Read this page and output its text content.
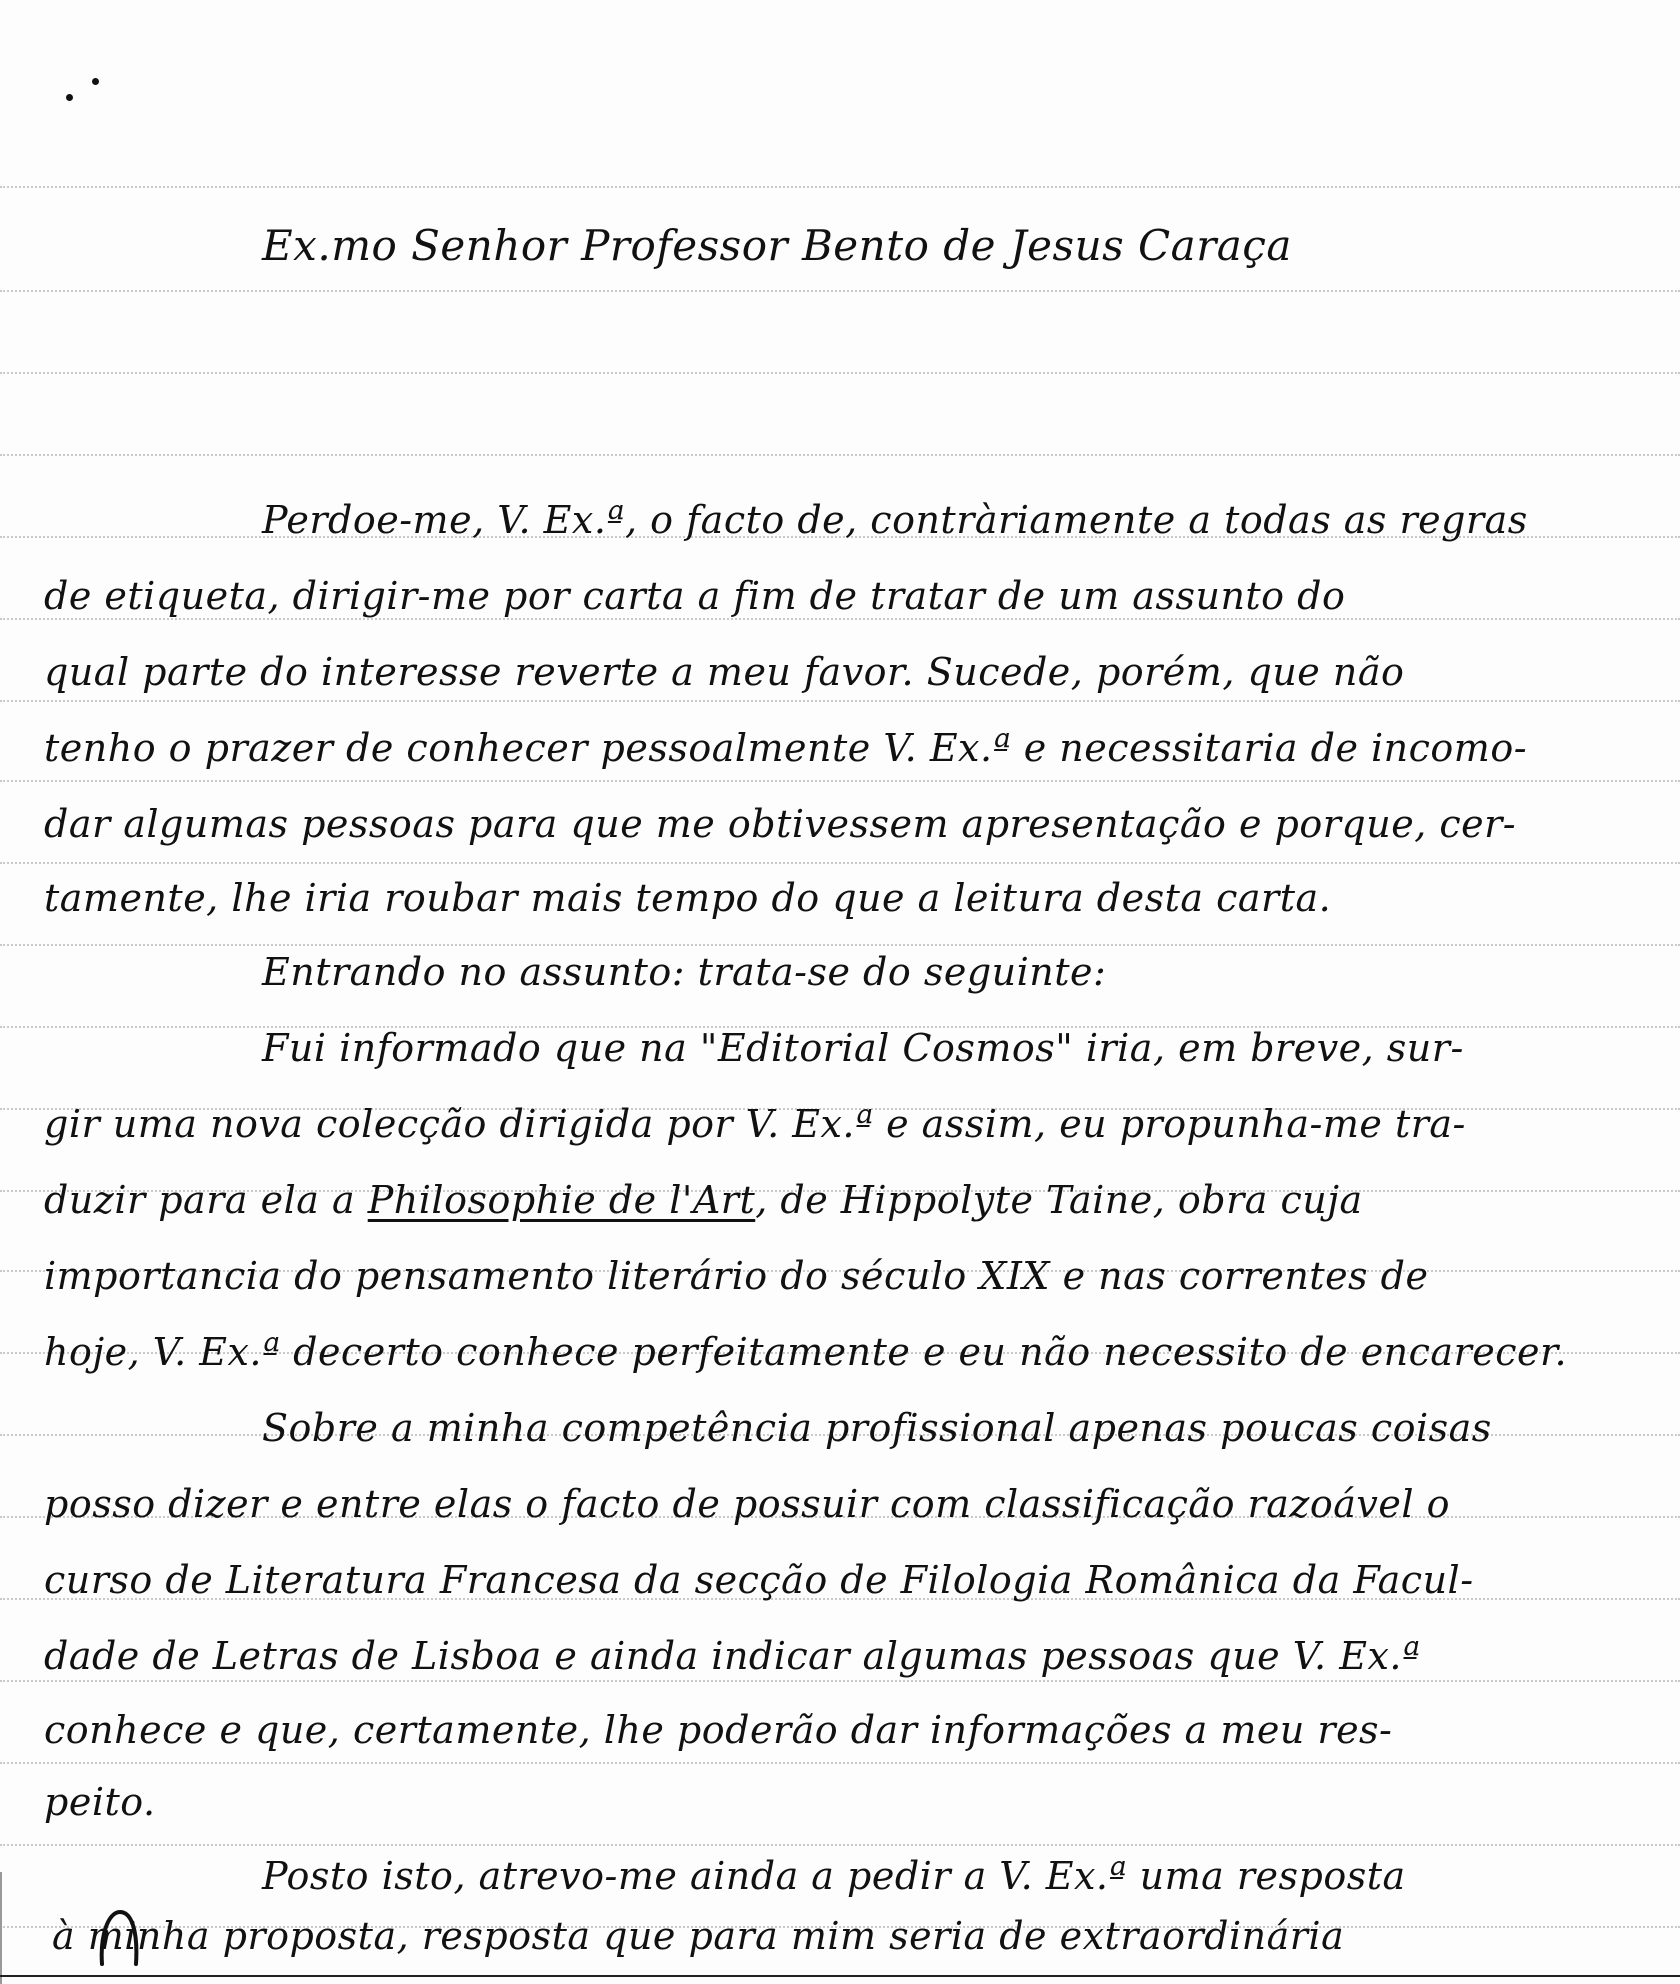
Ex.mo Senhor Professor Bento de Jesus Caraça
Perdoe-me, V. Ex.ª, o facto de, contràriamente a todas as regras
de etiqueta, dirigir-me por carta a fim de tratar de um assunto do
qual parte do interesse reverte a meu favor. Sucede, porém, que não
tenho o prazer de conhecer pessoalmente V. Ex.ª e necessitaria de incomo-
dar algumas pessoas para que me obtivessem apresentação e porque, cer-
tamente, lhe iria roubar mais tempo do que a leitura desta carta.
Entrando no assunto: trata-se do seguinte:
Fui informado que na "Editorial Cosmos" iria, em breve, sur-
gir uma nova colecção dirigida por V. Ex.ª e assim, eu propunha-me tra-
duzir para ela a Philosophie de l'Art, de Hippolyte Taine, obra cuja
importancia do pensamento literário do século XIX e nas correntes de
hoje, V. Ex.ª decerto conhece perfeitamente e eu não necessito de encarecer.
Sobre a minha competência profissional apenas poucas coisas
posso dizer e entre elas o facto de possuir com classificação razoável o
curso de Literatura Francesa da secção de Filologia Românica da Facul-
dade de Letras de Lisboa e ainda indicar algumas pessoas que V. Ex.ª
conhece e que, certamente, lhe poderão dar informações a meu res-
peito.
Posto isto, atrevo-me ainda a pedir a V. Ex.ª uma resposta
à minha proposta, resposta que para mim seria de extraordinária
